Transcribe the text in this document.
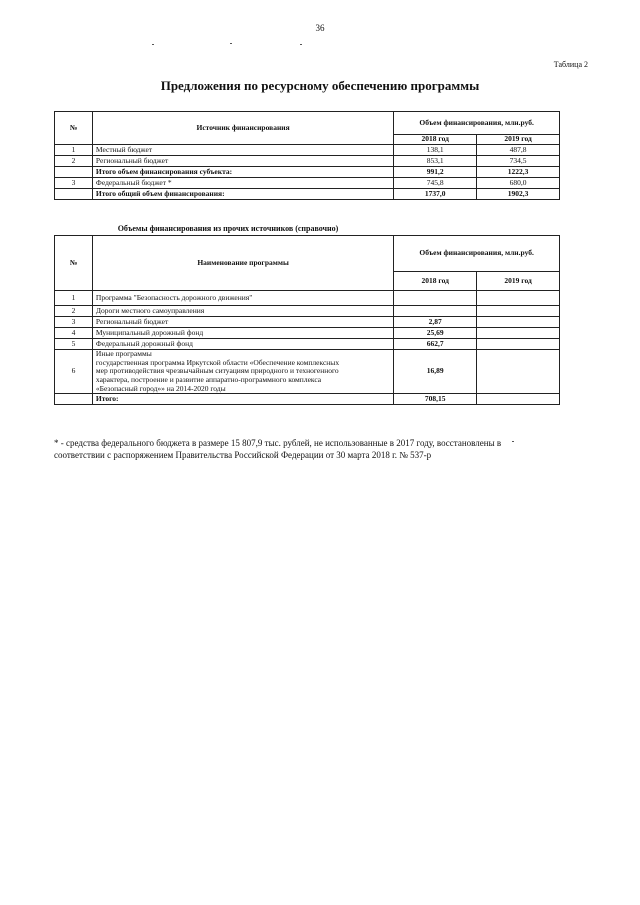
36
Таблица 2
Предложения по ресурсному обеспечению программы
№	Источник финансирования	Объем финансирования, млн.руб.	
		2018 год	2019 год
1	Местный бюджет	138,1	487,8
2	Региональный бюджет	853,1	734,5
	Итого объем финансирования субъекта:	991,2	1222,3
3	Федеральный бюджет *	745,8	680,0
	Итого общий объем финансирования:	1737,0	1902,3
Объемы финансирования из прочих источников (справочно)
№	Наименование программы	Объем финансирования, млн.руб.	
		2018 год	2019 год
1	Программа "Безопасность дорожного движения"		

2	Дороги местного самоуправления		

3	Региональный бюджет	2,87	
4	Муниципальный дорожный фонд	25,69	
5	Федеральный дорожный фонд	662,7	
6	Иные программы
государственная программа Иркутской области «Обеспечение комплексных
мер противодействия чрезвычайным ситуациям природного и техногенного
характера, построение и развитие аппаратно-программного комплекса
«Безопасный город»» на 2014-2020 годы	16,89	
	Итого:	708,15	
* - средства федерального бюджета в размере 15 807,9 тыс. рублей, не использованные в 2017 году, восстановлены в
соответствии с распоряжением Правительства Российской Федерации от 30 марта 2018 г. № 537-р
